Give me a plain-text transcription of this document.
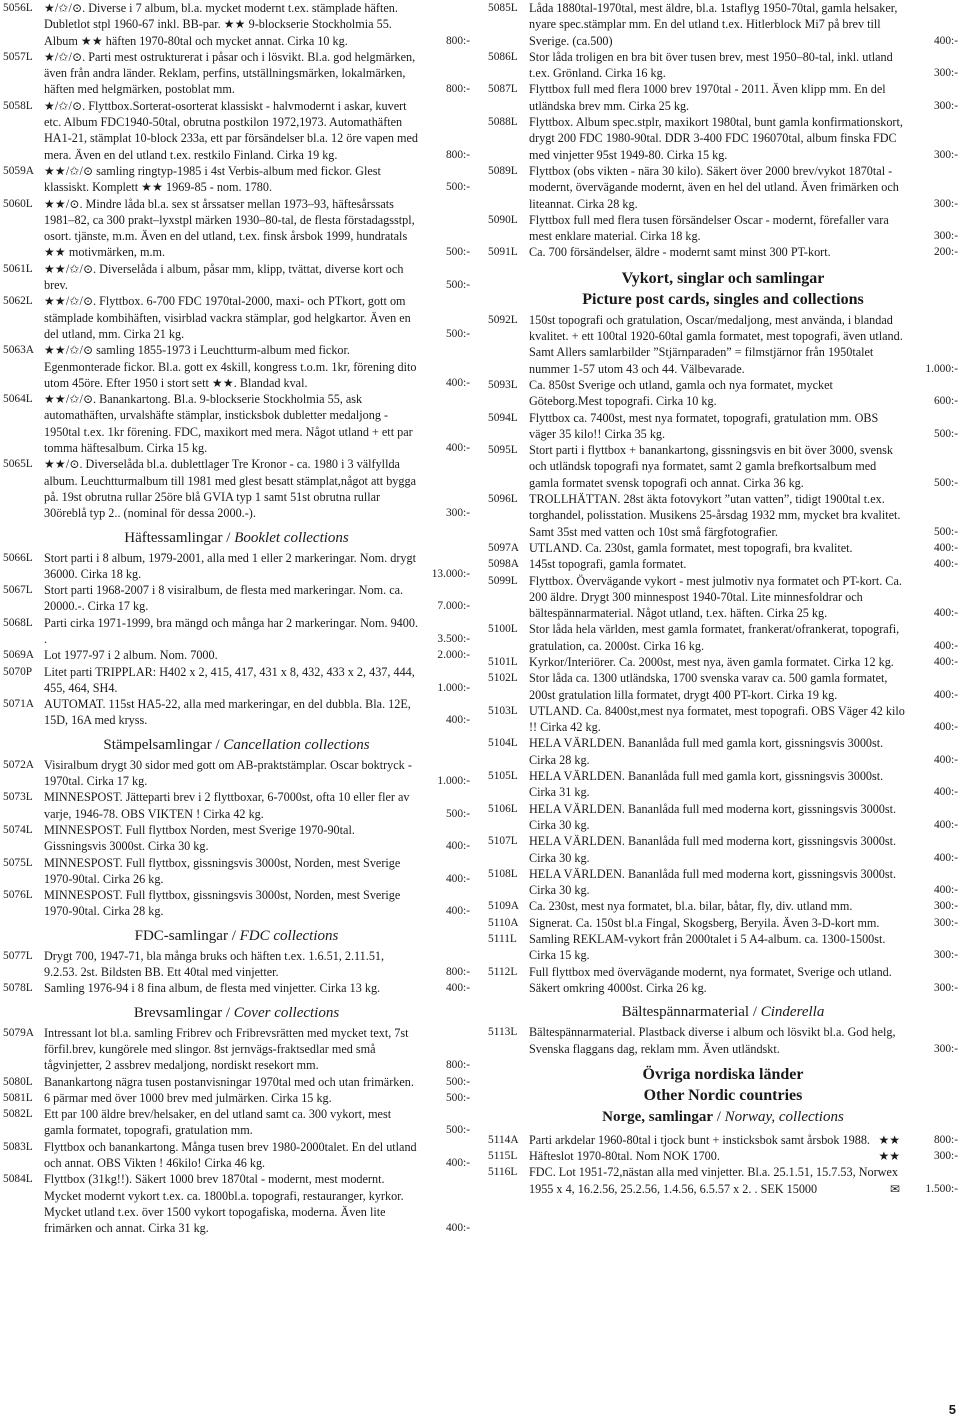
5056L ★/✩/⊙. Diverse i 7 album, bl.a. mycket modernt t.ex. stämplade häften. Dubletlot stpl 1960-67 inkl. BB-par. ★★ 9-blockserie Stockholmia 55. Album ★★ häften 1970-80tal och mycket annat. Cirka 10 kg.	800:-
5057L ★/✩/⊙. Parti mest ostrukturerat i påsar och i lösvikt. Bl.a. god helgmärken, även från andra länder. Reklam, perfins, utställningsmärken, lokalmärken, häften med helgmärken, postoblat mm.	800:-
5058L ★/✩/⊙. Flyttbox.Sorterat-osorterat klassiskt - halvmodernt i askar, kuvert etc. Album FDC1940-50tal, obrutna postkilon 1972,1973. Automathäften HA1-21, stämplat 10-block 233a, ett par försändelser bl.a. 12 öre vapen med mera. Även en del utland t.ex. restkilo Finland. Cirka 19 kg.	800:-
5059A ★★/✩/⊙ samling ringtyp-1985 i 4st Verbis-album med fickor. Glest klassiskt. Komplett ★★ 1969-85 - nom. 1780.	500:-
5060L ★★/⊙. Mindre låda bl.a. sex st årssatser mellan 1973–93, häftesårssats 1981–82, ca 300 prakt–lyxstpl märken 1930–80-tal, de flesta förstadagsstpl, osort. tjänste, m.m. Även en del utland, t.ex. finsk årsbok 1999, hundratals ★★ motivmärken, m.m.	500:-
5061L ★★/✩/⊙. Diverselåda i album, påsar mm, klipp, tvättat, diverse kort och brev.	500:-
5062L ★★/✩/⊙. Flyttbox. 6-700 FDC 1970tal-2000, maxi- och PTkort, gott om stämplade kombihäften, visirblad vackra stämplar, god helgkartor. Även en del utland, mm. Cirka 21 kg.	500:-
5063A ★★/✩/⊙ samling 1855-1973 i Leuchtturm-album med fickor. Egenmonterade fickor. Bl.a. gott ex 4skill, kongress t.o.m. 1kr, förening dito utom 45öre. Efter 1950 i stort sett ★★. Blandad kval.	400:-
5064L ★★/✩/⊙. Banankartong. Bl.a. 9-blockserie Stockholmia 55, ask automathäften, urvalshäfte stämplar, insticksbok dubletter medaljong - 1950tal t.ex. 1kr förening. FDC, maxikort med mera. Något utland + ett par tomma häftesalbum. Cirka 15 kg.	400:-
5065L ★★/⊙. Diverselåda bl.a. dublettlager Tre Kronor - ca. 1980 i 3 välfyllda album. Leuchtturmalbum till 1981 med glest besatt stämplat,något att bygga på. 19st obrutna rullar 25öre blå GVIA typ 1 samt 51st obrutna rullar 30öreblå typ 2.. (nominal för dessa 2000.-).	300:-
Häftessamlingar / Booklet collections
5066L Stort parti i 8 album, 1979-2001, alla med 1 eller 2 markeringar. Nom. drygt 36000. Cirka 18 kg.	13.000:-
5067L Stort parti 1968-2007 i 8 visiralbum, de flesta med markeringar. Nom. ca. 20000.-. Cirka 17 kg.	7.000:-
5068L Parti cirka 1971-1999, bra mängd och många har 2 markeringar. Nom. 9400. .	3.500:-
5069A Lot 1977-97 i 2 album. Nom. 7000.	2.000:-
5070P Litet parti TRIPPLAR: H402 x 2, 415, 417, 431 x 8, 432, 433 x 2, 437, 444, 455, 464, SH4.	1.000:-
5071A AUTOMAT. 115st HA5-22, alla med markeringar, en del dubbla. Bla. 12E, 15D, 16A med kryss.	400:-
Stämpelsamlingar / Cancellation collections
5072A Visiralbum drygt 30 sidor med gott om AB-praktstämplar. Oscar boktryck - 1970tal. Cirka 17 kg.	1.000:-
5073L MINNESPOST. Jätteparti brev i 2 flyttboxar, 6-7000st, ofta 10 eller fler av varje, 1946-78. OBS VIKTEN ! Cirka 42 kg.	500:-
5074L MINNESPOST. Full flyttbox Norden, mest Sverige 1970-90tal. Gissningsvis 3000st. Cirka 30 kg.	400:-
5075L MINNESPOST. Full flyttbox, gissningsvis 3000st, Norden, mest Sverige 1970-90tal. Cirka 26 kg.	400:-
5076L MINNESPOST. Full flyttbox, gissningsvis 3000st, Norden, mest Sverige 1970-90tal. Cirka 28 kg.	400:-
FDC-samlingar / FDC collections
5077L Drygt 700, 1947-71, bla många bruks och häften t.ex. 1.6.51, 2.11.51, 9.2.53. 2st. Bildsten BB. Ett 40tal med vinjetter.	800:-
5078L Samling 1976-94 i 8 fina album, de flesta med vinjetter. Cirka 13 kg.	400:-
Brevsamlingar / Cover collections
5079A Intressant lot bl.a. samling Fribrev och Fribrevsrätten med mycket text, 7st förfil.brev, kungörele med slingor. 8st jernvägs-fraktsedlar med små tågvinjetter, 2 assbrev medaljong, nordiskt resekort mm.	800:-
5080L Banankartong nägra tusen postanvisningar 1970tal med och utan frimärken.	500:-
5081L 6 pärmar med över 1000 brev med julmärken. Cirka 15 kg.	500:-
5082L Ett par 100 äldre brev/helsaker, en del utland samt ca. 300 vykort, mest gamla formatet, topografi, gratulation mm.	500:-
5083L Flyttbox och banankartong. Många tusen brev 1980-2000talet. En del utland och annat. OBS Vikten ! 46kilo! Cirka 46 kg.	400:-
5084L Flyttbox (31kg!!). Säkert 1000 brev 1870tal - modernt, mest modernt. Mycket modernt vykort t.ex. ca. 1800bl.a. topografi, restauranger, kyrkor. Mycket utland t.ex. över 1500 vykort topogafiska, moderna. Även lite frimärken och annat. Cirka 31 kg.	400:-
5085L Låda 1880tal-1970tal, mest äldre, bl.a. 1staflyg 1950-70tal, gamla helsaker, nyare spec.stämplar mm. En del utland t.ex. Hitlerblock Mi7 på brev till Sverige. (ca.500)	400:-
5086L Stor låda troligen en bra bit över tusen brev, mest 1950–80-tal, inkl. utland t.ex. Grönland. Cirka 16 kg.	300:-
5087L Flyttbox full med flera 1000 brev 1970tal - 2011. Även klipp mm. En del utländska brev mm. Cirka 25 kg.	300:-
5088L Flyttbox. Album spec.stplr, maxikort 1980tal, bunt gamla konfirmationskort, drygt 200 FDC 1980-90tal. DDR 3-400 FDC 196070tal, album finska FDC med vinjetter 95st 1949-80. Cirka 15 kg.	300:-
5089L Flyttbox (obs vikten - nära 30 kilo). Säkert över 2000 brev/vykot 1870tal - modernt, övervägande modernt, även en hel del utland. Även frimärken och liteannat. Cirka 28 kg.	300:-
5090L Flyttbox full med flera tusen försändelser Oscar - modernt, förefaller vara mest enklare material. Cirka 18 kg.	300:-
5091L Ca. 700 försändelser, äldre - modernt samt minst 300 PT-kort.	200:-
Vykort, singlar och samlingar
Picture post cards, singles and collections
5092L 150st topografi och gratulation, Oscar/medaljong, mest använda, i blandad kvalitet. + ett 100tal 1920-60tal gamla formatet, mest topografi, även utland. Samt Allers samlarbilder ”Stjärnparaden” = filmstjärnor från 1950talet nummer 1-57 utom 43 och 44. Välbevarade.	1.000:-
5093L Ca. 850st Sverige och utland, gamla och nya formatet, mycket Göteborg.Mest topografi. Cirka 10 kg.	600:-
5094L Flyttbox ca. 7400st, mest nya formatet, topografi, gratulation mm. OBS väger 35 kilo!! Cirka 35 kg.	500:-
5095L Stort parti i flyttbox + banankartong, gissningsvis en bit över 3000, svensk och utländsk topografi nya formatet, samt 2 gamla brefkortsalbum med gamla formatet svensk topografi och annat. Cirka 36 kg.	500:-
5096L TROLLHÄTTAN. 28st äkta fotovykort ”utan vatten”, tidigt 1900tal t.ex. torghandel, polisstation. Musikens 25-årsdag 1932 mm, mycket bra kvalitet. Samt 35st med vatten och 10st små färgfotografier.	500:-
5097A UTLAND. Ca. 230st, gamla formatet, mest topografi, bra kvalitet.	400:-
5098A 145st topografi, gamla formatet.	400:-
5099L Flyttbox. Övervägande vykort - mest julmotiv nya formatet och PT-kort. Ca. 200 äldre. Drygt 300 minnespost 1940-70tal. Lite minnesfoldrar och bältespännarmaterial. Något utland, t.ex. häften. Cirka 25 kg.	400:-
5100L Stor låda hela världen, mest gamla formatet, frankerat/ofrankerat, topografi, gratulation, ca. 2000st. Cirka 16 kg.	400:-
5101L Kyrkor/Interiörer. Ca. 2000st, mest nya, även gamla formatet. Cirka 12 kg.	400:-
5102L Stor låda ca. 1300 utländska, 1700 svenska varav ca. 500 gamla formatet, 200st gratulation lilla formatet, drygt 400 PT-kort. Cirka 19 kg.	400:-
5103L UTLAND. Ca. 8400st,mest nya formatet, mest topografi. OBS Väger 42 kilo !! Cirka 42 kg.	400:-
5104L HELA VÄRLDEN. Bananlåda full med gamla kort, gissningsvis 3000st. Cirka 28 kg.	400:-
5105L HELA VÄRLDEN. Bananlåda full med gamla kort, gissningsvis 3000st. Cirka 31 kg.	400:-
5106L HELA VÄRLDEN. Bananlåda full med moderna kort, gissningsvis 3000st. Cirka 30 kg.	400:-
5107L HELA VÄRLDEN. Bananlåda full med moderna kort, gissningsvis 3000st. Cirka 30 kg.	400:-
5108L HELA VÄRLDEN. Bananlåda full med moderna kort, gissningsvis 3000st. Cirka 30 kg.	400:-
5109A Ca. 230st, mest nya formatet, bl.a. bilar, båtar, fly, div. utland mm.	300:-
5110A Signerat. Ca. 150st bl.a Fingal, Skogsberg, Beryila. Även 3-D-kort mm.	300:-
5111L Samling REKLAM-vykort från 2000talet i 5 A4-album. ca. 1300-1500st. Cirka 15 kg.	300:-
5112L Full flyttbox med övervägande modernt, nya formatet, Sverige och utland. Säkert omkring 4000st. Cirka 26 kg.	300:-
Bältespännarmaterial / Cinderella
5113L Bältespännarmaterial. Plastback diverse i album och lösvikt bl.a. God helg, Svenska flaggans dag, reklam mm. Även utländskt.	300:-
Övriga nordiska länder
Other Nordic countries
Norge, samlingar / Norway, collections
5114A Parti arkdelar 1960-80tal i tjock bunt + insticksbok samt årsbok 1988. ★★	800:-
5115L Häfteslot 1970-80tal. Nom NOK 1700.	★★	300:-
5116L FDC. Lot 1951-72,nästan alla med vinjetter. Bl.a. 25.1.51, 15.7.53, Norwex 1955 x 4, 16.2.56, 25.2.56, 1.4.56, 6.5.57 x 2. . SEK 15000	✉ 1.500:-
5
